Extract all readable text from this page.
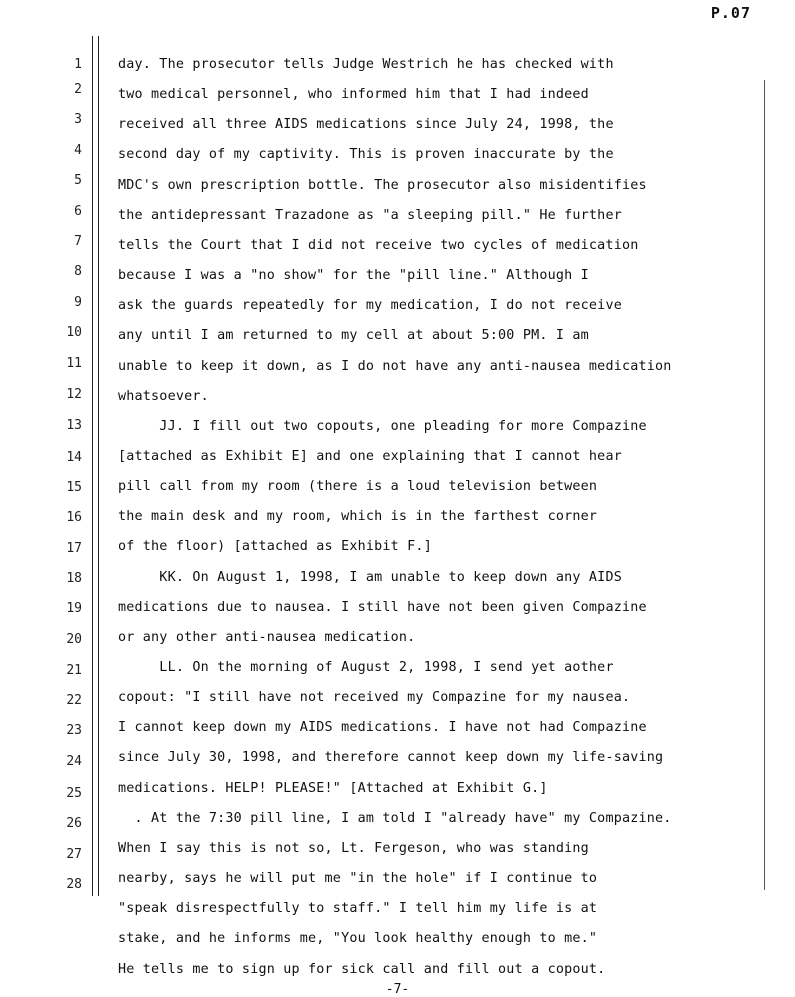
P.07
1
2
3
4
5
6
7
8
9
10
11
12
13
14
15
16
17
18
19
20
21
22
23
24
25
26
27
28
day. The prosecutor tells Judge Westrich he has checked with
two medical personnel, who informed him that I had indeed
received all three AIDS medications since July 24, 1998, the
second day of my captivity. This is proven inaccurate by the
MDC's own prescription bottle. The prosecutor also misidentifies
the antidepressant Trazadone as "a sleeping pill." He further
tells the Court that I did not receive two cycles of medication
because I was a "no show" for the "pill line." Although I
ask the guards repeatedly for my medication, I do not receive
any until I am returned to my cell at about 5:00 PM. I am
unable to keep it down, as I do not have any anti-nausea medication
whatsoever.
JJ. I fill out two copouts, one pleading for more Compazine
[attached as Exhibit E] and one explaining that I cannot hear
pill call from my room (there is a loud television between
the main desk and my room, which is in the farthest corner
of the floor) [attached as Exhibit F.]
KK. On August 1, 1998, I am unable to keep down any AIDS
medications due to nausea. I still have not been given Compazine
or any other anti-nausea medication.
LL. On the morning of August 2, 1998, I send yet aother
copout: "I still have not received my Compazine for my nausea.
I cannot keep down my AIDS medications. I have not had Compazine
since July 30, 1998, and therefore cannot keep down my life-saving
medications. HELP! PLEASE!" [Attached at Exhibit G.]
. At the 7:30 pill line, I am told I "already have" my Compazine.
When I say this is not so, Lt. Fergeson, who was standing
nearby, says he will put me "in the hole" if I continue to
"speak disrespectfully to staff." I tell him my life is at
stake, and he informs me, "You look healthy enough to me."
He tells me to sign up for sick call and fill out a copout.
-7-
